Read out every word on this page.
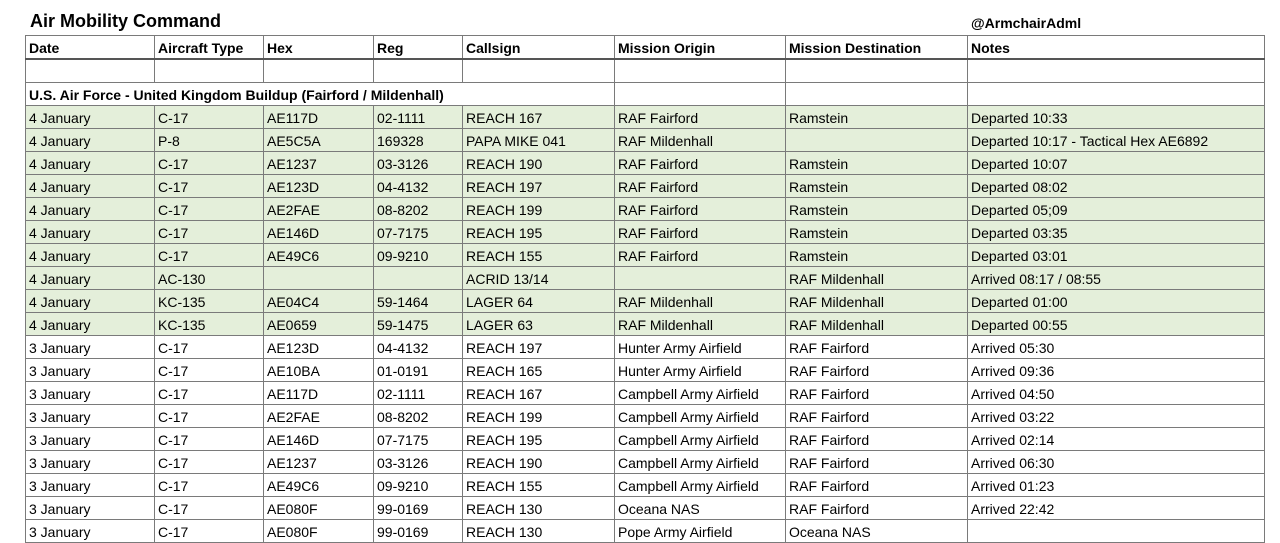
Air Mobility Command	@ArmchairAdml
Date	Aircraft Type	Hex	Reg	Callsign	Mission Origin	Mission Destination	Notes

U.S. Air Force - United Kingdom Buildup (Fairford / Mildenhall)							
4 January	C-17	AE117D	02-1111	REACH 167	RAF Fairford	Ramstein	Departed 10:33
4 January	P-8	AE5C5A	169328	PAPA MIKE 041	RAF Mildenhall		Departed 10:17 - Tactical Hex AE6892
4 January	C-17	AE1237	03-3126	REACH 190	RAF Fairford	Ramstein	Departed 10:07
4 January	C-17	AE123D	04-4132	REACH 197	RAF Fairford	Ramstein	Departed 08:02
4 January	C-17	AE2FAE	08-8202	REACH 199	RAF Fairford	Ramstein	Departed 05;09
4 January	C-17	AE146D	07-7175	REACH 195	RAF Fairford	Ramstein	Departed 03:35
4 January	C-17	AE49C6	09-9210	REACH 155	RAF Fairford	Ramstein	Departed 03:01
4 January	AC-130			ACRID 13/14		RAF Mildenhall	Arrived 08:17 / 08:55
4 January	KC-135	AE04C4	59-1464	LAGER 64	RAF Mildenhall	RAF Mildenhall	Departed 01:00
4 January	KC-135	AE0659	59-1475	LAGER 63	RAF Mildenhall	RAF Mildenhall	Departed 00:55
3 January	C-17	AE123D	04-4132	REACH 197	Hunter Army Airfield	RAF Fairford	Arrived 05:30
3 January	C-17	AE10BA	01-0191	REACH 165	Hunter Army Airfield	RAF Fairford	Arrived 09:36
3 January	C-17	AE117D	02-1111	REACH 167	Campbell Army Airfield	RAF Fairford	Arrived 04:50
3 January	C-17	AE2FAE	08-8202	REACH 199	Campbell Army Airfield	RAF Fairford	Arrived 03:22
3 January	C-17	AE146D	07-7175	REACH 195	Campbell Army Airfield	RAF Fairford	Arrived 02:14
3 January	C-17	AE1237	03-3126	REACH 190	Campbell Army Airfield	RAF Fairford	Arrived 06:30
3 January	C-17	AE49C6	09-9210	REACH 155	Campbell Army Airfield	RAF Fairford	Arrived 01:23
3 January	C-17	AE080F	99-0169	REACH 130	Oceana NAS	RAF Fairford	Arrived 22:42
3 January	C-17	AE080F	99-0169	REACH 130	Pope Army Airfield	Oceana NAS	
